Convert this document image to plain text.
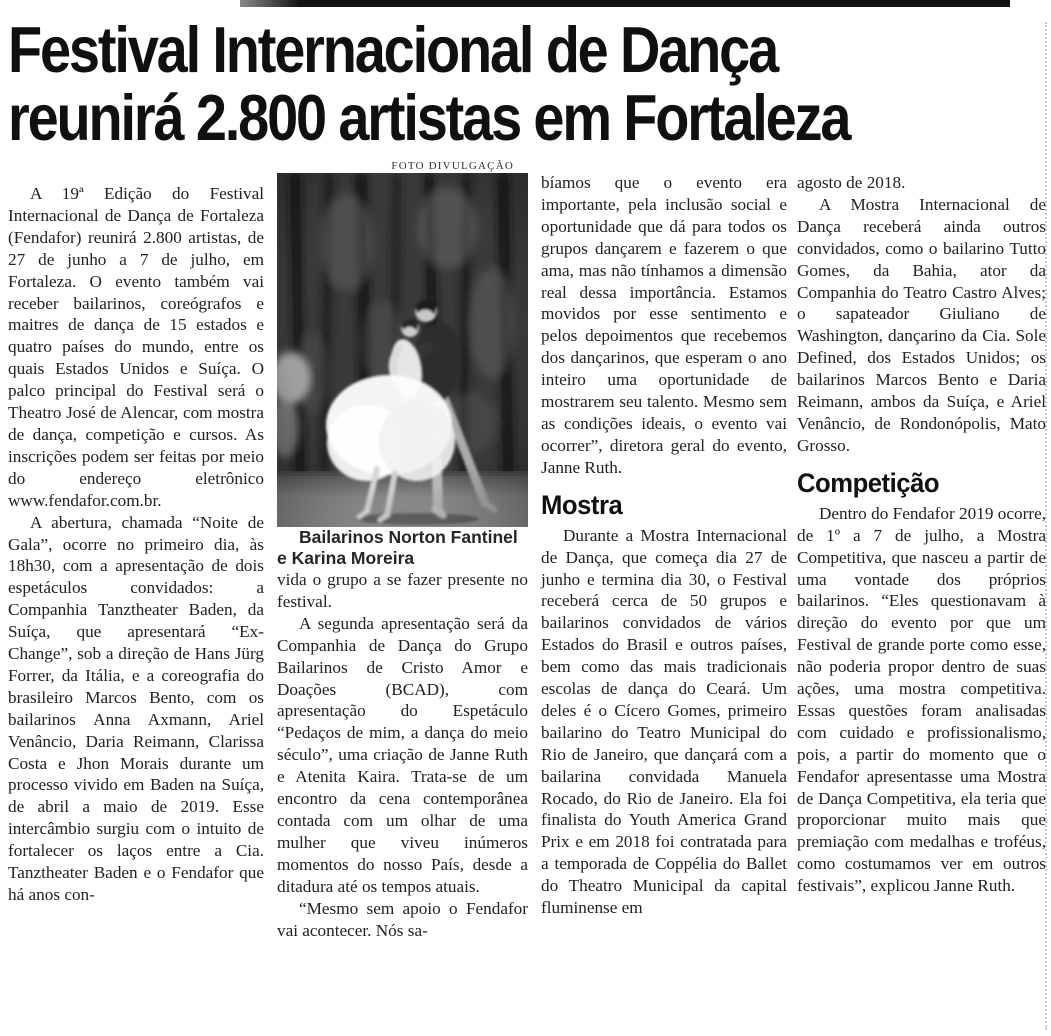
Festival Internacional de Dança
reunirá 2.800 artistas em Fortaleza

A 19ª Edição do Festival Internacional de Dança de Fortaleza (Fendafor) reunirá 2.800 artistas, de 27 de junho a 7 de julho, em Fortaleza. O evento também vai receber bailarinos, coreógrafos e maitres de dança de 15 estados e quatro países do mundo, entre os quais Estados Unidos e Suíça. O palco principal do Festival será o Theatro José de Alencar, com mostra de dança, competição e cursos. As inscrições podem ser feitas por meio do endereço eletrônico www.fendafor.com.br.

A abertura, chamada “Noite de Gala”, ocorre no primeiro dia, às 18h30, com a apresentação de dois espetáculos convidados: a Companhia Tanztheater Baden, da Suíça, que apresentará “Ex- Change”, sob a direção de Hans Jürg Forrer, da Itália, e a coreografia do brasileiro Marcos Bento, com os bailarinos Anna Axmann, Ariel Venâncio, Daria Reimann, Clarissa Costa e Jhon Morais durante um processo vivido em Baden na Suíça, de abril a maio de 2019. Esse intercâmbio surgiu com o intuito de fortalecer os laços entre a Cia. Tanztheater Baden e o Fendafor que há anos con-

FOTO DIVULGAÇÃO

Bailarinos Norton Fantinel e Karina Moreira

vida o grupo a se fazer presente no festival.

A segunda apresentação será da Companhia de Dança do Grupo Bailarinos de Cristo Amor e Doações (BCAD), com apresentação do Espetáculo “Pedaços de mim, a dança do meio século”, uma criação de Janne Ruth e Atenita Kaira. Trata-se de um encontro da cena contemporânea contada com um olhar de uma mulher que viveu inúmeros momentos do nosso País, desde a ditadura até os tempos atuais.

“Mesmo sem apoio o Fendafor vai acontecer. Nós sa-

bíamos que o evento era importante, pela inclusão social e oportunidade que dá para todos os grupos dançarem e fazerem o que ama, mas não tínhamos a dimensão real dessa importância. Estamos movidos por esse sentimento e pelos depoimentos que recebemos dos dançarinos, que esperam o ano inteiro uma oportunidade de mostrarem seu talento. Mesmo sem as condições ideais, o evento vai ocorrer”, diretora geral do evento, Janne Ruth.

Mostra

Durante a Mostra Internacional de Dança, que começa dia 27 de junho e termina dia 30, o Festival receberá cerca de 50 grupos e bailarinos convidados de vários Estados do Brasil e outros países, bem como das mais tradicionais escolas de dança do Ceará. Um deles é o Cícero Gomes, primeiro bailarino do Teatro Municipal do Rio de Janeiro, que dançará com a bailarina convidada Manuela Rocado, do Rio de Janeiro. Ela foi finalista do Youth America Grand Prix e em 2018 foi contratada para a temporada de Coppélia do Ballet do Theatro Municipal da capital fluminense em

agosto de 2018.

A Mostra Internacional de Dança receberá ainda outros convidados, como o bailarino Tutto Gomes, da Bahia, ator da Companhia do Teatro Castro Alves; o sapateador Giuliano de Washington, dançarino da Cia. Sole Defined, dos Estados Unidos; os bailarinos Marcos Bento e Daria Reimann, ambos da Suíça, e Ariel Venâncio, de Rondonópolis, Mato Grosso.

Competição

Dentro do Fendafor 2019 ocorre, de 1º a 7 de julho, a Mostra Competitiva, que nasceu a partir de uma vontade dos próprios bailarinos. “Eles questionavam à direção do evento por que um Festival de grande porte como esse, não poderia propor dentro de suas ações, uma mostra competitiva. Essas questões foram analisadas com cuidado e profissionalismo, pois, a partir do momento que o Fendafor apresentasse uma Mostra de Dança Competitiva, ela teria que proporcionar muito mais que premiação com medalhas e troféus, como costumamos ver em outros festivais”, explicou Janne Ruth.
